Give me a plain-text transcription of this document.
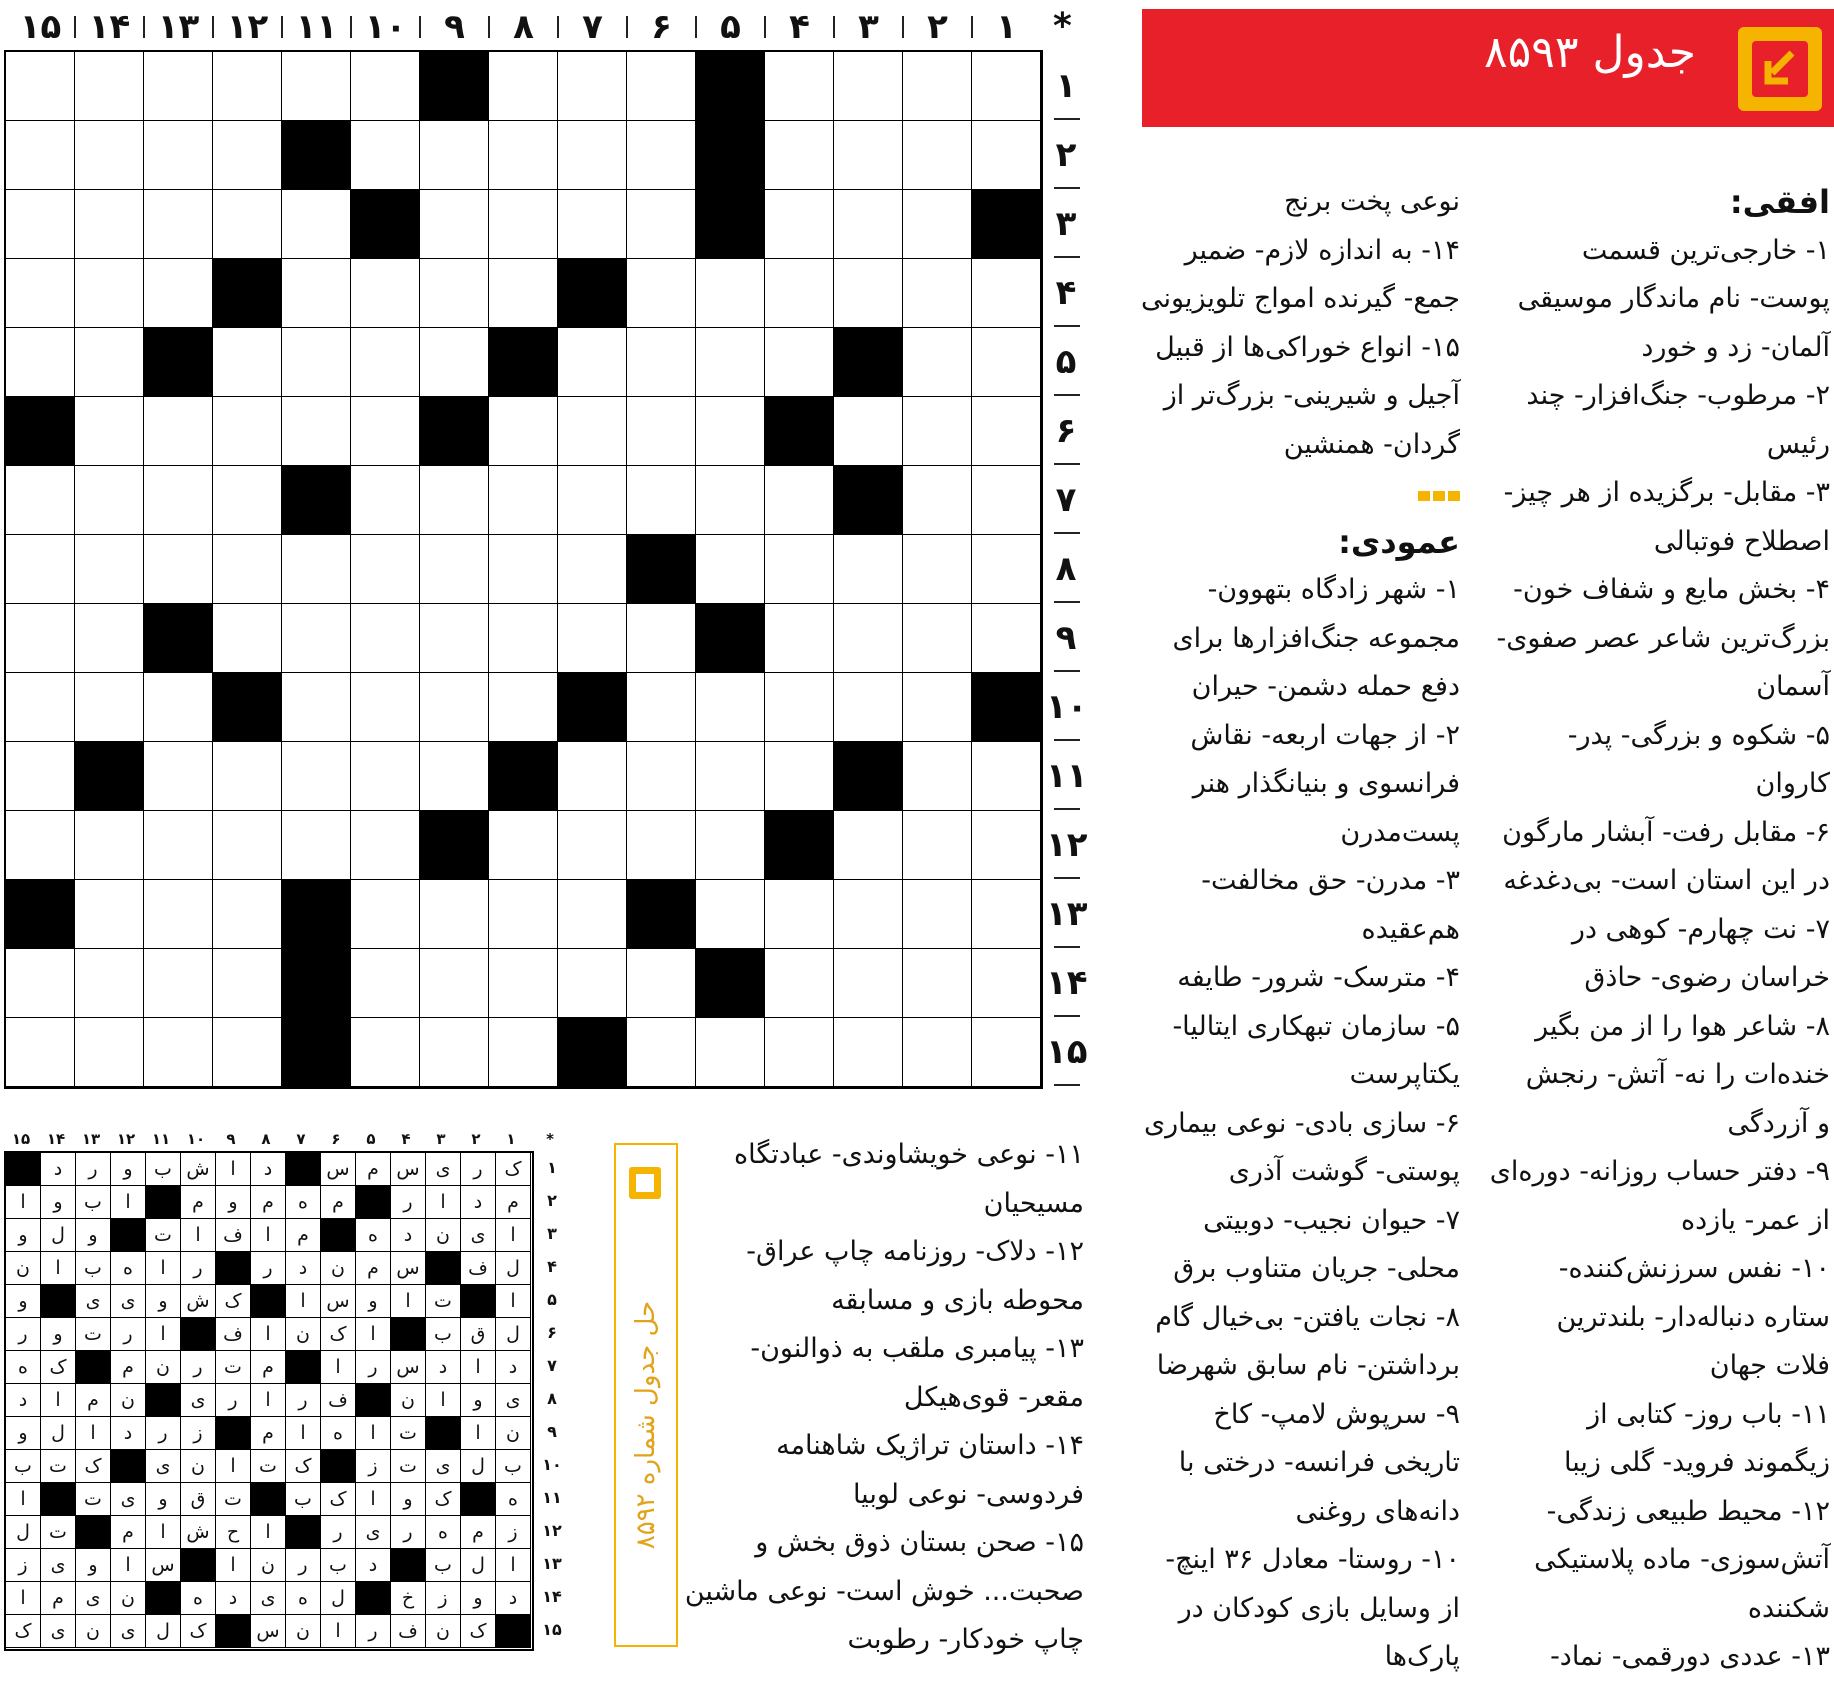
۱
۲
۳
۴
۵
۶
۷
۸
۹
۱۰
۱۱
۱۲
۱۳
۱۴
۱۵
۱
۲
۳
۴
۵
۶
۷
۸
۹
۱۰
۱۱
۱۲
۱۳
۱۴
۱۵
جدول ۸۵۹۳
افقی:
۱- خارجی‌ترین قسمت
پوست- نام ماندگار موسیقی
آلمان- زد و خورد
۲- مرطوب- جنگ‌افزار- چند
رئیس
۳- مقابل- برگزیده از هر چیز-
اصطلاح فوتبالی
۴- بخش مایع و شفاف خون-
بزرگ‌ترین شاعر عصر صفوی-
آسمان
۵- شکوه و بزرگی- پدر-
کاروان
۶- مقابل رفت- آبشار مارگون
در این استان است- بی‌دغدغه
۷- نت چهارم- کوهی در
خراسان رضوی- حاذق
۸- شاعر هوا را از من بگیر
خنده‌ات را نه- آتش- رنجش
و آزردگی
۹- دفتر حساب روزانه- دوره‌ای
از عمر- یازده
۱۰- نفس سرزنش‌کننده-
ستاره دنباله‌دار- بلندترین
فلات جهان
۱۱- باب روز- کتابی از
زیگموند فروید- گلی زیبا
۱۲- محیط طبیعی زندگی-
آتش‌سوزی- ماده پلاستیکی
شکننده
۱۳- عددی دورقمی- نماد-
نوعی پخت برنج
۱۴- به اندازه لازم- ضمیر
جمع- گیرنده امواج تلویزیونی
۱۵- انواع خوراکی‌ها از قبیل
آجیل و شیرینی- بزرگ‌تر از
گردان- همنشین
عمودی:
۱- شهر زادگاه بتهوون-
مجموعه جنگ‌افزارها برای
دفع حمله دشمن- حیران
۲- از جهات اربعه- نقاش
فرانسوی و بنیانگذار هنر
پست‌مدرن
۳- مدرن- حق مخالفت-
هم‌عقیده
۴- مترسک- شرور- طایفه
۵- سازمان تبهکاری ایتالیا-
یکتاپرست
۶- سازی بادی- نوعی بیماری
پوستی- گوشت آذری
۷- حیوان نجیب- دوبیتی
محلی- جریان متناوب برق
۸- نجات یافتن- بی‌خیال گام
برداشتن- نام سابق شهرضا
۹- سرپوش لامپ- کاخ
تاریخی فرانسه- درختی با
دانه‌های روغنی
۱۰- روستا- معادل ۳۶ اینچ-
از وسایل بازی کودکان در
پارک‌ها
۱۱- نوعی خویشاوندی- عبادتگاه
مسیحیان
۱۲- دلاک- روزنامه چاپ عراق-
محوطه بازی و مسابقه
۱۳- پیامبری ملقب به ذوالنون-
مقعر- قوی‌هیکل
۱۴- داستان تراژیک شاهنامه
فردوسی- نوعی لوبیا
۱۵- صحن بستان ذوق بخش و
صحبت... خوش است- نوعی ماشین
چاپ خودکار- رطوبت
حل جدول شماره ۸۵۹۲
۱
۲
۳
۴
۵
۶
۷
۸
۹
۱۰
۱۱
۱۲
۱۳
۱۴
۱۵	*
ک
ر
ی
س
م
س
د
ا
ش
ب
و
ر
د
م
د
ا
ر
م
ه
م
و
م
ا
ب
و
ا
ا
ی
ن
د
ه
م
ا
ف
ا
ت
و
ل
و
ل
ف
س
م
ن
د
ر
ر
ا
ه
ب
ا
ن
ا
ت
ا
و
س
ا
ک
ش
و
ی
ی
و
ل
ق
ب
ا
ک
ن
ا
ف
ا
ر
ت
و
ر
د
ا
د
س
ر
ا
م
ت
ر
ن
م
ک
ه
ی
و
ا
ن
ف
ر
ا
ر
ی
ن
م
ا
د
ن
ا
ت
ا
ه
ا
م
ز
ر
د
ا
ل
و
ب
ل
ی
ت
ز
ک
ت
ا
ن
ی
ک
ت
ب
ه
ک
و
ا
ک
ب
ت
ق
و
ی
ت
ا
ز
م
ه
ر
ی
ر
ا
ح
ش
ا
م
ت
ل
ا
ل
ب
د
ب
ر
ن
ا
س
ا
و
ی
ز
د
و
ز
خ
ل
ه
ی
د
ه
ن
ی
م
ا
ک
ن
ف
ر
ا
ن
س
ک
ل
ی
ن
ی
ک
۱
۲
۳
۴
۵
۶
۷
۸
۹
۱۰
۱۱
۱۲
۱۳
۱۴
۱۵
*
